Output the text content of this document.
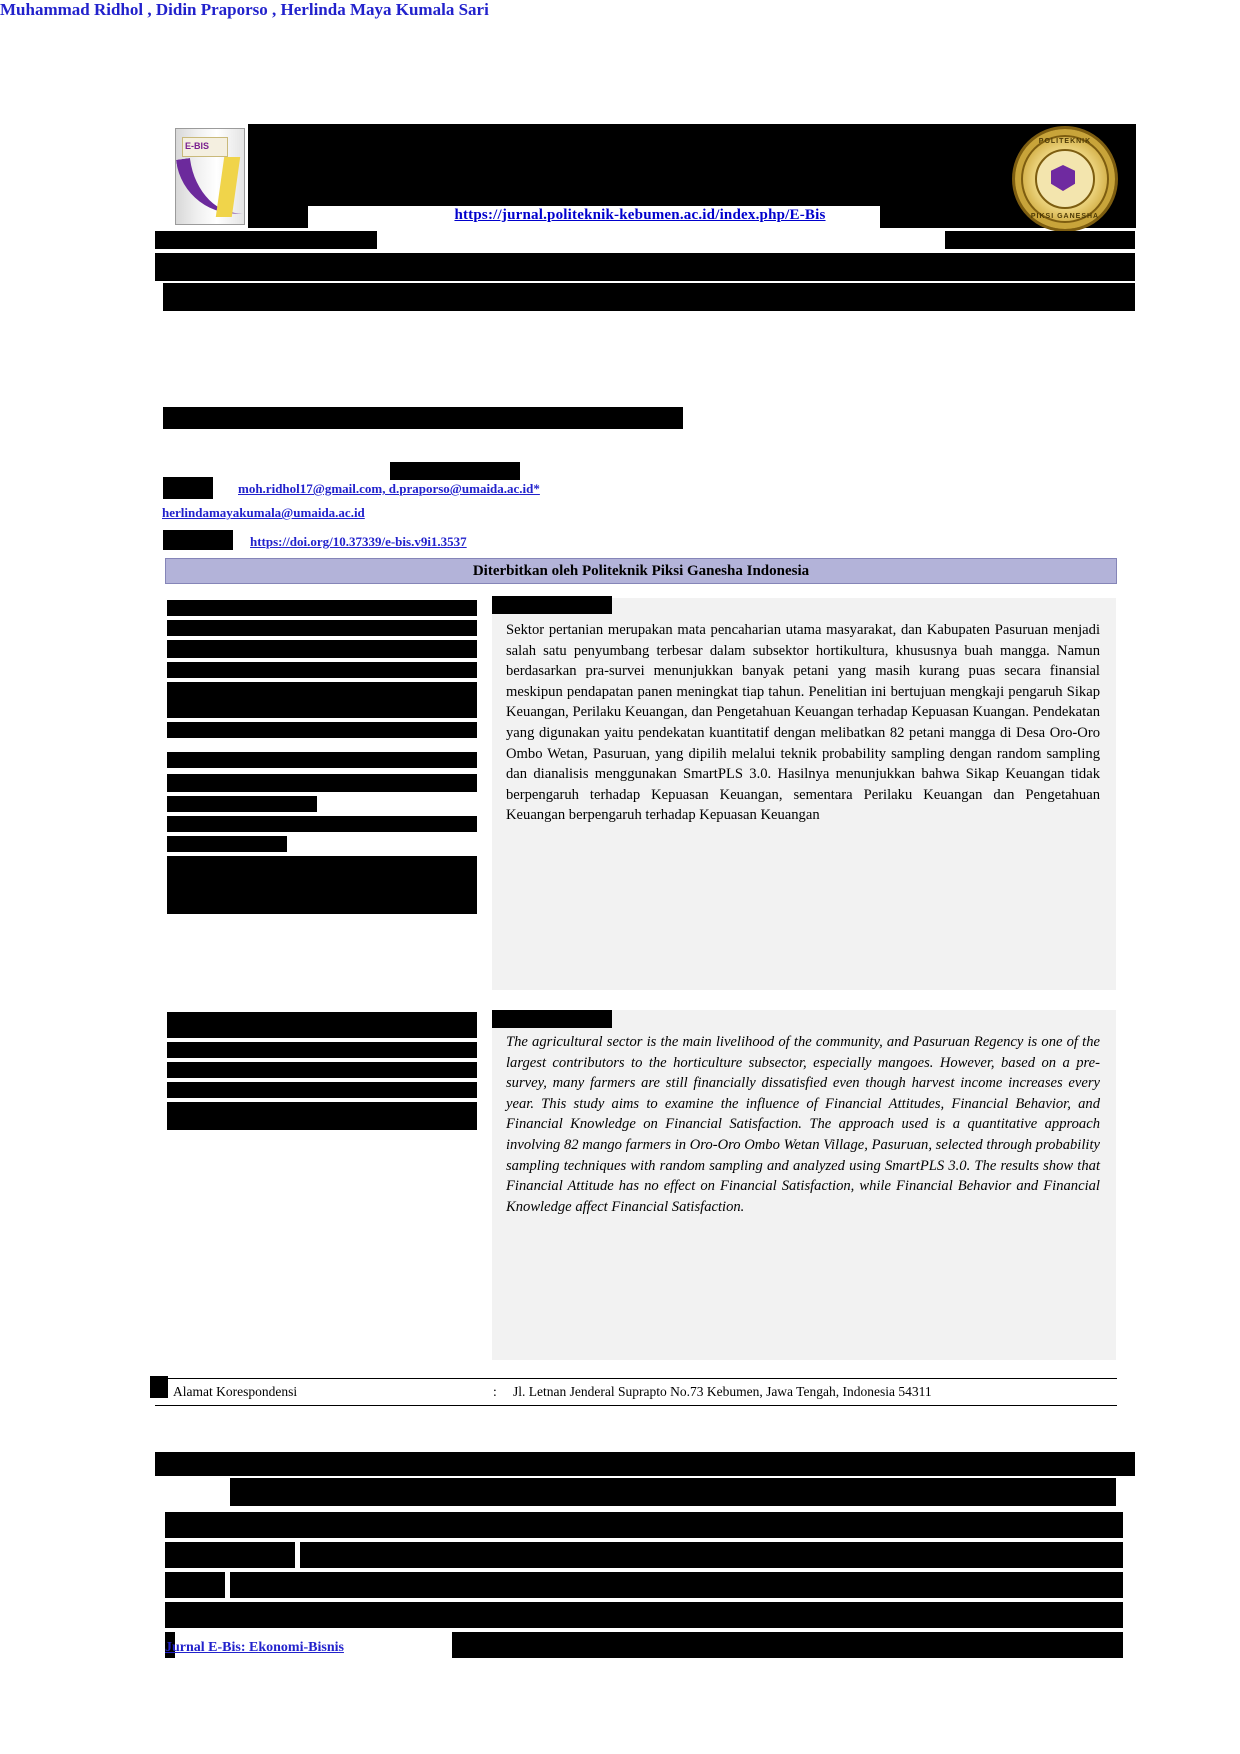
E-BIS	POLITEKNIK
PIKSI GANESHA
https://jurnal.politeknik-kebumen.ac.id/index.php/E-Bis
Muhammad Ridhol , Didin Praporso , Herlinda Maya Kumala Sari
moh.ridhol17@gmail.com, d.praporso@umaida.ac.id*
herlindamayakumala@umaida.ac.id
https://doi.org/10.37339/e-bis.v9i1.3537
Diterbitkan oleh Politeknik Piksi Ganesha Indonesia
Sektor pertanian merupakan mata pencaharian utama masyarakat, dan Kabupaten Pasuruan menjadi salah satu penyumbang terbesar dalam subsektor hortikultura, khususnya buah mangga. Namun berdasarkan pra-survei menunjukkan banyak petani yang masih kurang puas secara finansial meskipun pendapatan panen meningkat tiap tahun. Penelitian ini bertujuan mengkaji pengaruh Sikap Keuangan, Perilaku Keuangan, dan Pengetahuan Keuangan terhadap Kepuasan Kuangan. Pendekatan yang digunakan yaitu pendekatan kuantitatif dengan melibatkan 82 petani mangga di Desa Oro-Oro Ombo Wetan, Pasuruan, yang dipilih melalui teknik probability sampling dengan random sampling dan dianalisis menggunakan SmartPLS 3.0. Hasilnya menunjukkan bahwa Sikap Keuangan tidak berpengaruh terhadap Kepuasan Keuangan, sementara Perilaku Keuangan dan Pengetahuan Keuangan berpengaruh terhadap Kepuasan Keuangan
The agricultural sector is the main livelihood of the community, and Pasuruan Regency is one of the largest contributors to the horticulture subsector, especially mangoes. However, based on a pre-survey, many farmers are still financially dissatisfied even though harvest income increases every year. This study aims to examine the influence of Financial Attitudes, Financial Behavior, and Financial Knowledge on Financial Satisfaction. The approach used is a quantitative approach involving 82 mango farmers in Oro-Oro Ombo Wetan Village, Pasuruan, selected through probability sampling techniques with random sampling and analyzed using SmartPLS 3.0. The results show that Financial Attitude has no effect on Financial Satisfaction, while Financial Behavior and Financial Knowledge affect Financial Satisfaction.
Alamat Korespondensi	:	Jl. Letnan Jenderal Suprapto No.73 Kebumen, Jawa Tengah, Indonesia 54311
Jurnal E-Bis: Ekonomi-Bisnis
